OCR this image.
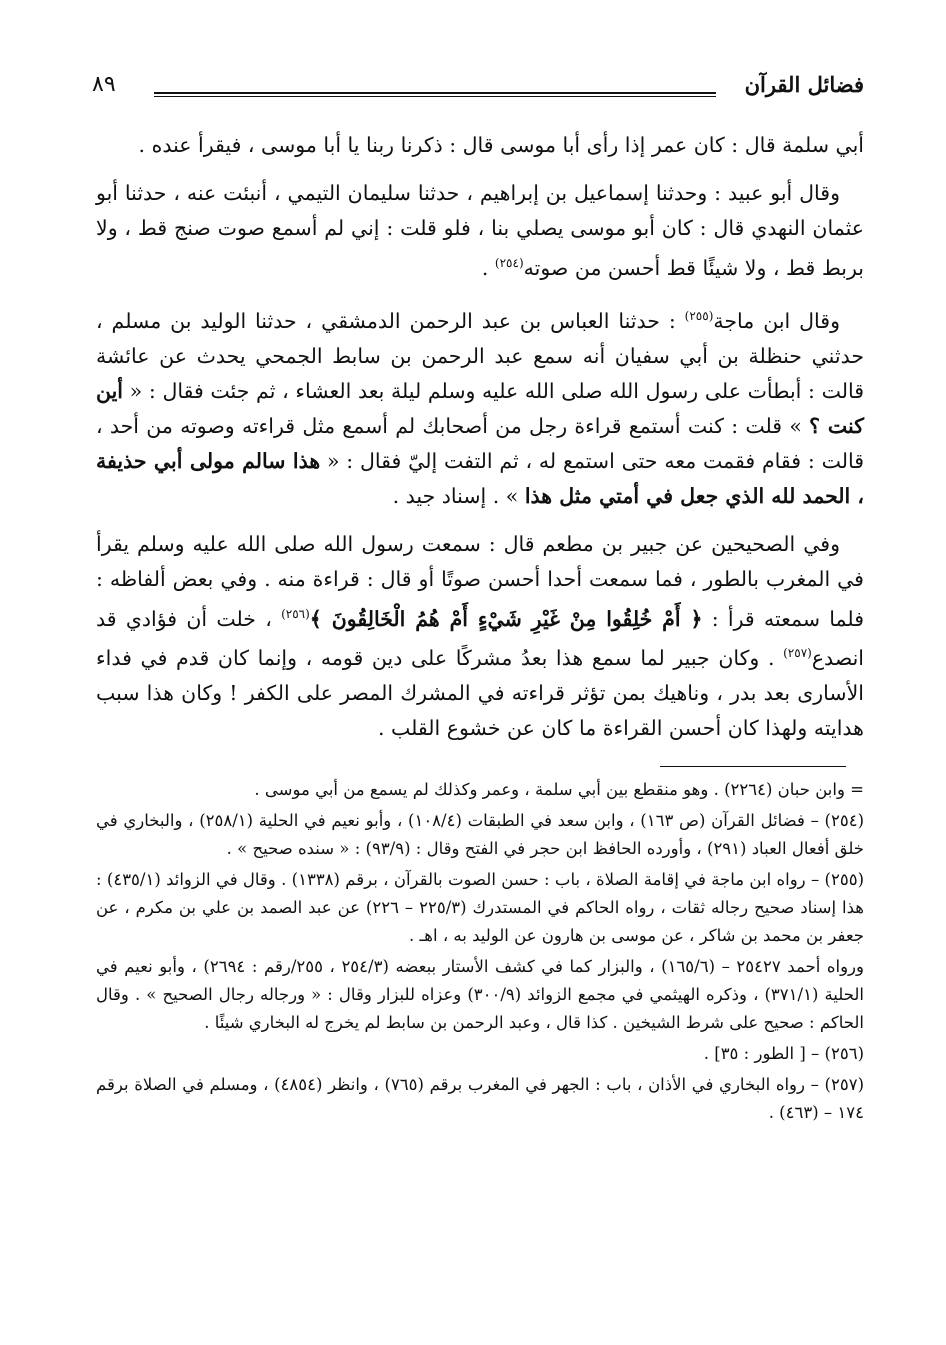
فضائل القرآن
٨٩

أبي سلمة قال : كان عمر إذا رأى أبا موسى قال : ذكرنا ربنا يا أبا موسى ، فيقرأ عنده .

وقال أبو عبيد : وحدثنا إسماعيل بن إبراهيم ، حدثنا سليمان التيمي ، أنبئت عنه ، حدثنا أبو عثمان النهدي قال : كان أبو موسى يصلي بنا ، فلو قلت : إني لم أسمع صوت صنج قط ، ولا بربط قط ، ولا شيئًا قط أحسن من صوته$^{(٢٥٤)}$ .

وقال ابن ماجة$^{(٢٥٥)}$ : حدثنا العباس بن عبد الرحمن الدمشقي ، حدثنا الوليد بن مسلم ، حدثني حنظلة بن أبي سفيان أنه سمع عبد الرحمن بن سابط الجمحي يحدث عن عائشة قالت : أبطأت على رسول الله صلى الله عليه وسلم ليلة بعد العشاء ، ثم جئت فقال : « أين كنت ؟ » قلت : كنت أستمع قراءة رجل من أصحابك لم أسمع مثل قراءته وصوته من أحد ، قالت : فقام فقمت معه حتى استمع له ، ثم التفت إليّ فقال : « هذا سالم مولى أبي حذيفة ، الحمد لله الذي جعل في أمتي مثل هذا » . إسناد جيد .

وفي الصحيحين عن جبير بن مطعم قال : سمعت رسول الله صلى الله عليه وسلم يقرأ في المغرب بالطور ، فما سمعت أحدا أحسن صوتًا أو قال : قراءة منه . وفي بعض ألفاظه : فلما سمعته قرأ : ﴿ أَمْ خُلِقُوا مِنْ غَيْرِ شَيْءٍ أَمْ هُمُ الْخَالِقُونَ ﴾$^{(٢٥٦)}$ ، خلت أن فؤادي قد انصدع$^{(٢٥٧)}$ . وكان جبير لما سمع هذا بعدُ مشركًا على دين قومه ، وإنما كان قدم في فداء الأسارى بعد بدر ، وناهيك بمن تؤثر قراءته في المشرك المصر على الكفر ! وكان هذا سبب هدايته ولهذا كان أحسن القراءة ما كان عن خشوع القلب .

= وابن حبان (٢٢٦٤) . وهو منقطع بين أبي سلمة ، وعمر وكذلك لم يسمع من أبي موسى .

(٢٥٤) – فضائل القرآن (ص ١٦٣) ، وابن سعد في الطبقات (١٠٨/٤) ، وأبو نعيم في الحلية (٢٥٨/١) ، والبخاري في خلق أفعال العباد (٢٩١) ، وأورده الحافظ ابن حجر في الفتح وقال : (٩٣/٩) : « سنده صحيح » .

(٢٥٥) – رواه ابن ماجة في إقامة الصلاة ، باب : حسن الصوت بالقرآن ، برقم (١٣٣٨) . وقال في الزوائد (٤٣٥/١) : هذا إسناد صحيح رجاله ثقات ، رواه الحاكم في المستدرك (٢٢٥/٣ – ٢٢٦) عن عبد الصمد بن علي بن مكرم ، عن جعفر بن محمد بن شاكر ، عن موسى بن هارون عن الوليد به ، اهـ .

ورواه أحمد ٢٥٤٢٧ – (١٦٥/٦) ، والبزار كما في كشف الأستار ببعضه (٢٥٤/٣ ، ٢٥٥/رقم : ٢٦٩٤) ، وأبو نعيم في الحلية (٣٧١/١) ، وذكره الهيثمي في مجمع الزوائد (٣٠٠/٩) وعزاه للبزار وقال : « ورجاله رجال الصحيح » . وقال الحاكم : صحيح على شرط الشيخين . كذا قال ، وعبد الرحمن بن سابط لم يخرج له البخاري شيئًا .

(٢٥٦) – [ الطور : ٣٥] .

(٢٥٧) – رواه البخاري في الأذان ، باب : الجهر في المغرب برقم (٧٦٥) ، وانظر (٤٨٥٤) ، ومسلم في الصلاة برقم ١٧٤ – (٤٦٣) .
